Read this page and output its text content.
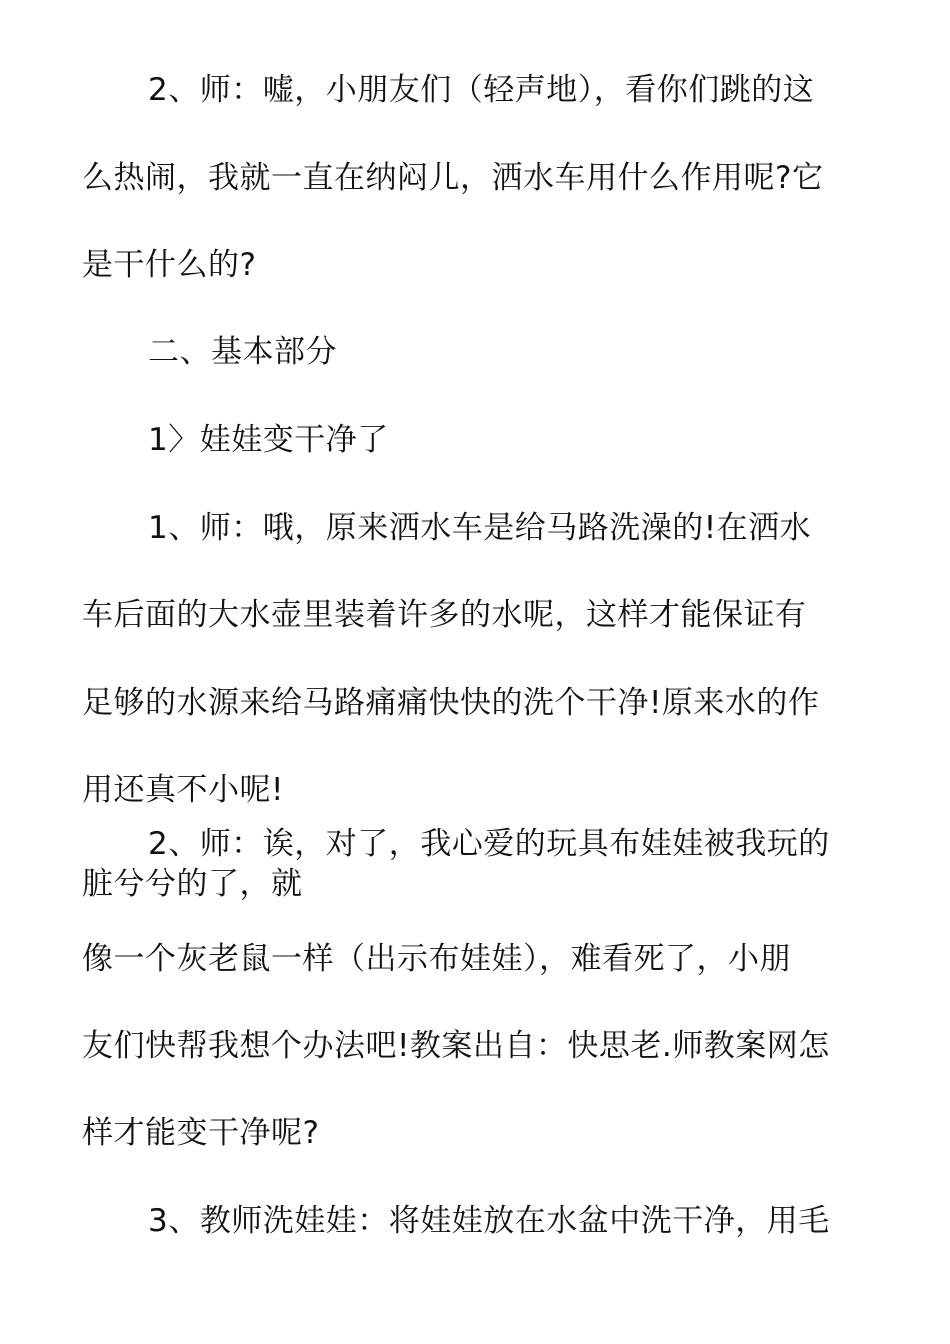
2、师：嘘，小朋友们（轻声地），看你们跳的这
么热闹，我就一直在纳闷儿，洒水车用什么作用呢?它
是干什么的?
二、基本部分
1〉娃娃变干净了
1、师：哦，原来洒水车是给马路洗澡的!在洒水
车后面的大水壶里装着许多的水呢，这样才能保证有
足够的水源来给马路痛痛快快的洗个干净!原来水的作
用还真不小呢!
2、师：诶，对了，我心爱的玩具布娃娃被我玩的
脏兮兮的了，就
像一个灰老鼠一样（出示布娃娃），难看死了，小朋
友们快帮我想个办法吧!教案出自：快思老.师教案网怎
样才能变干净呢?
3、教师洗娃娃：将娃娃放在水盆中洗干净，用毛
